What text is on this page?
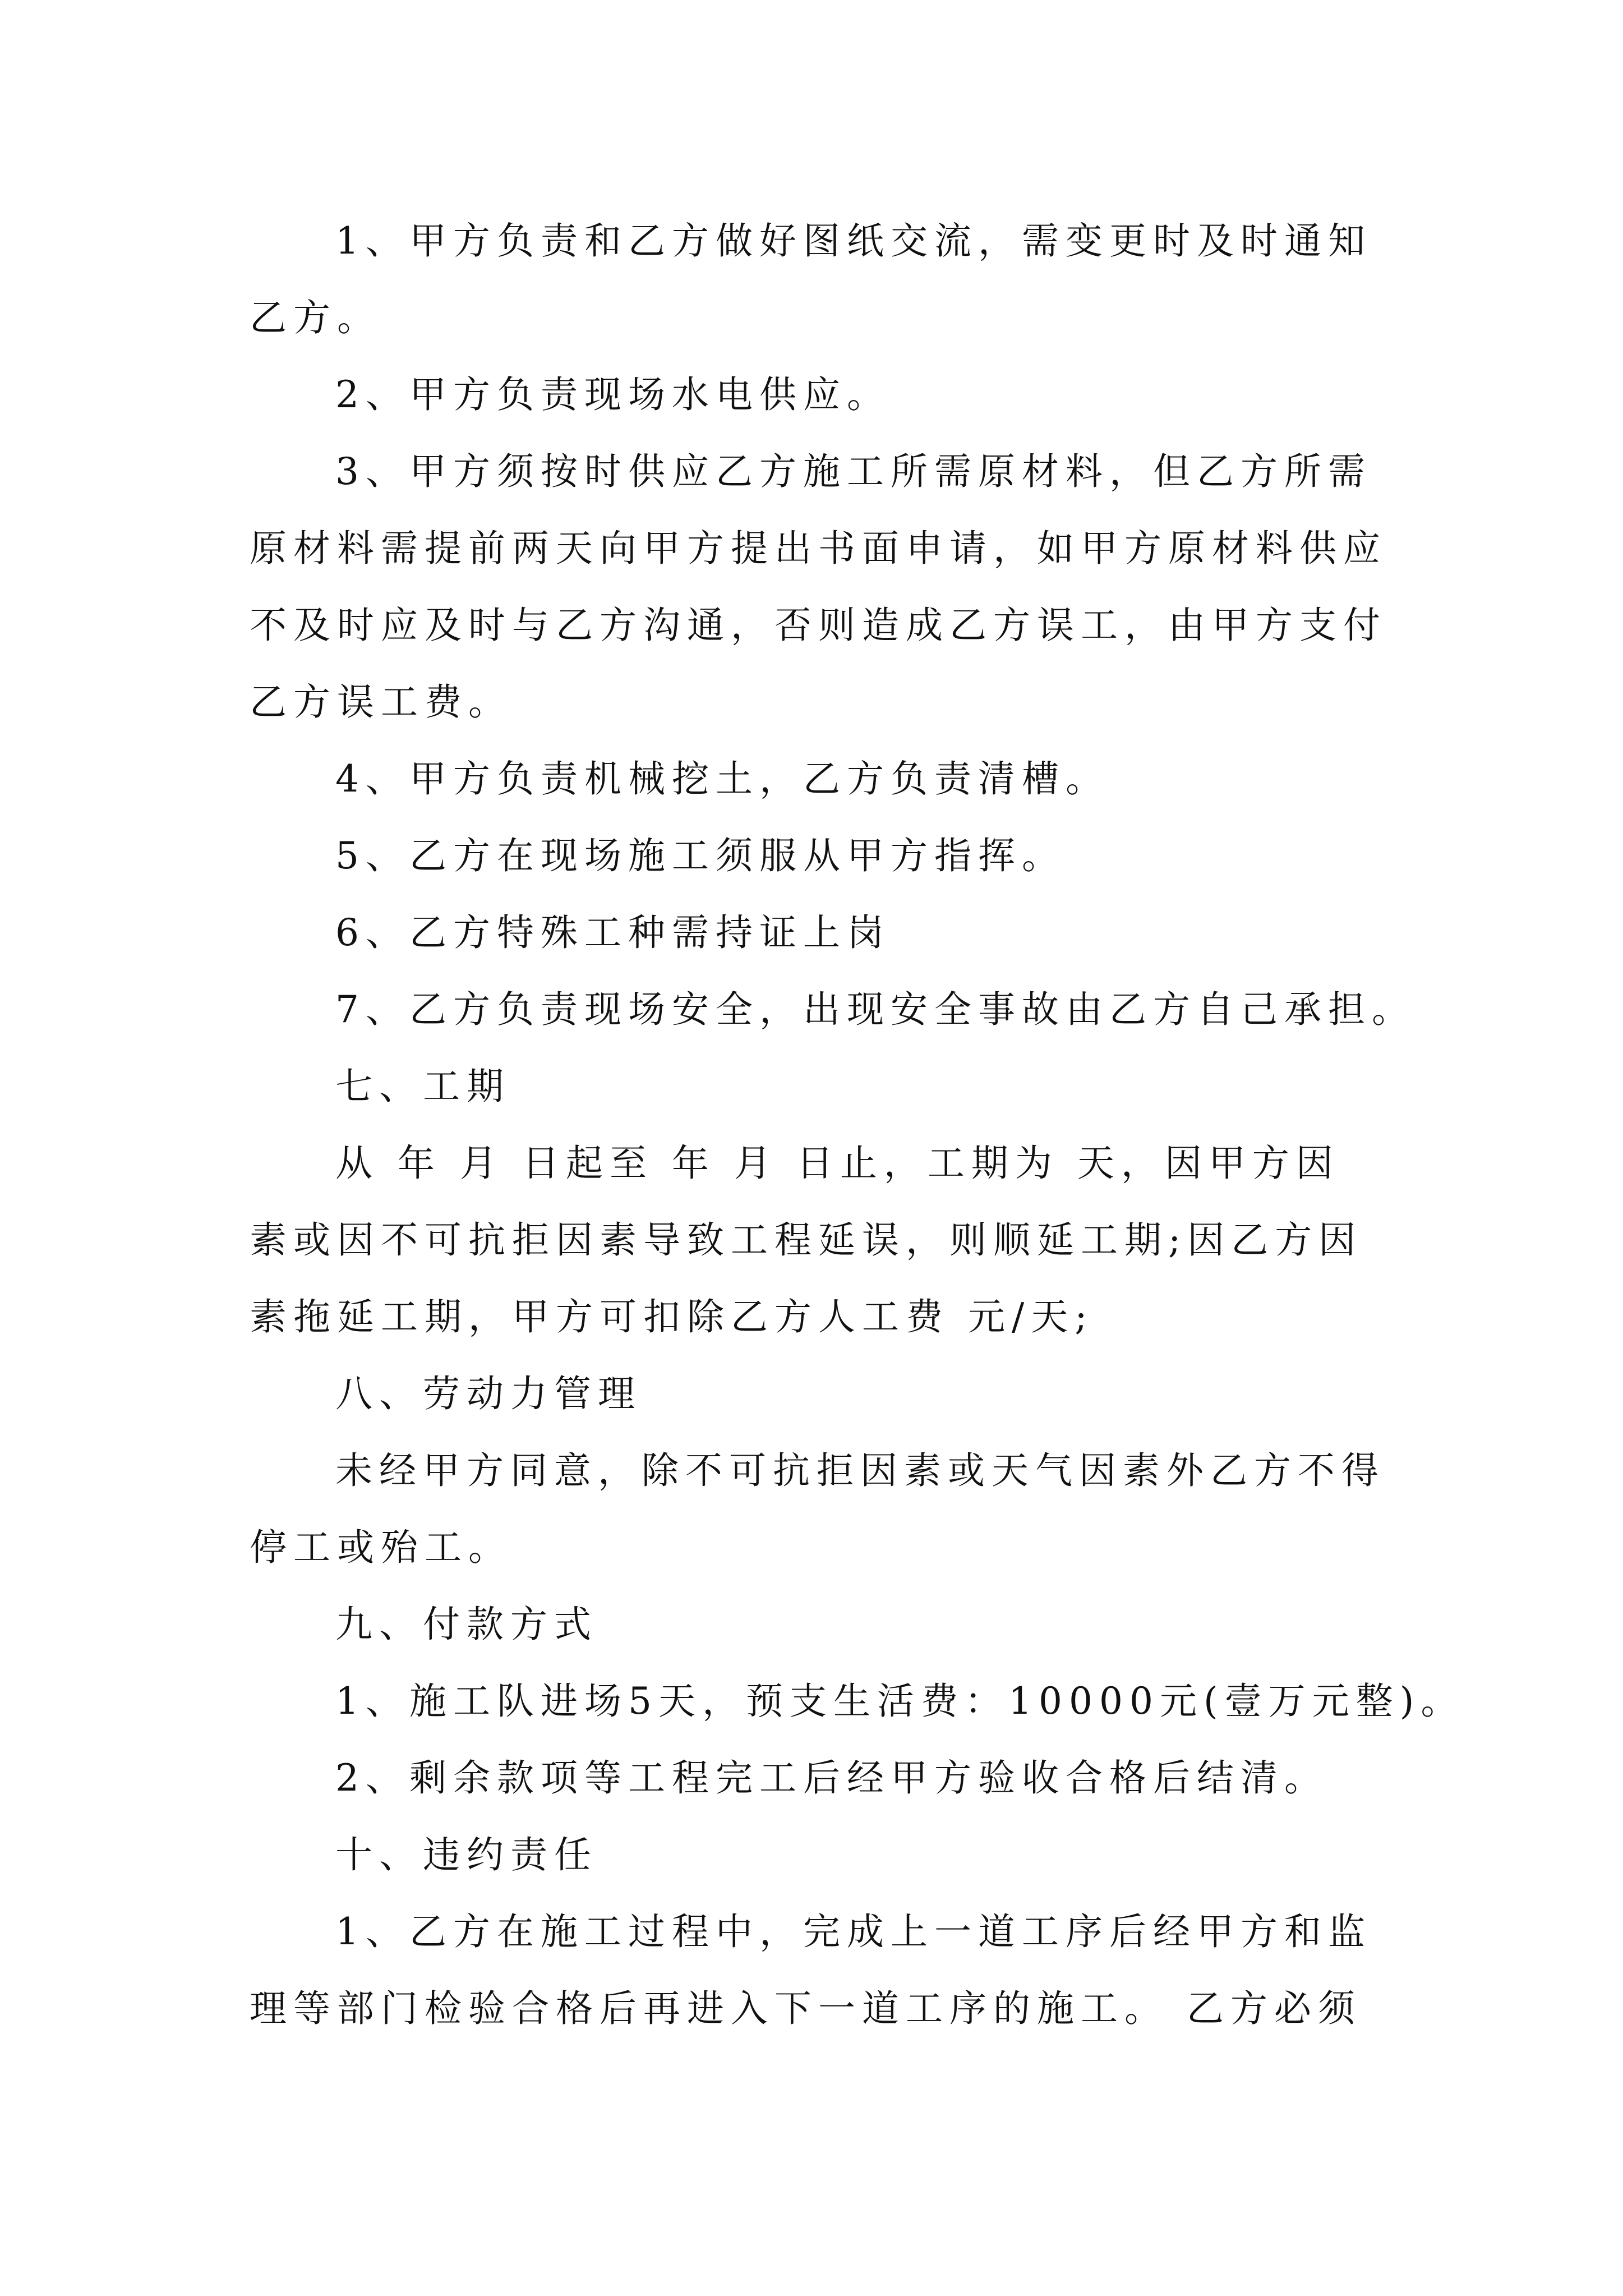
1、甲方负责和乙方做好图纸交流，需变更时及时通知
乙方。
2、甲方负责现场水电供应。
3、甲方须按时供应乙方施工所需原材料，但乙方所需
原材料需提前两天向甲方提出书面申请，如甲方原材料供应
不及时应及时与乙方沟通，否则造成乙方误工，由甲方支付
乙方误工费。
4、甲方负责机械挖土，乙方负责清槽。
5、乙方在现场施工须服从甲方指挥。
6、乙方特殊工种需持证上岗
7、乙方负责现场安全，出现安全事故由乙方自己承担。
七、工期
从 年 月 日起至 年 月 日止，工期为 天，因甲方因
素或因不可抗拒因素导致工程延误，则顺延工期;因乙方因
素拖延工期，甲方可扣除乙方人工费 元/天;
八、劳动力管理
未经甲方同意，除不可抗拒因素或天气因素外乙方不得
停工或殆工。
九、付款方式
1、施工队进场5天，预支生活费：10000元(壹万元整)。
2、剩余款项等工程完工后经甲方验收合格后结清。
十、违约责任
1、乙方在施工过程中，完成上一道工序后经甲方和监
理等部门检验合格后再进入下一道工序的施工。 乙方必须
